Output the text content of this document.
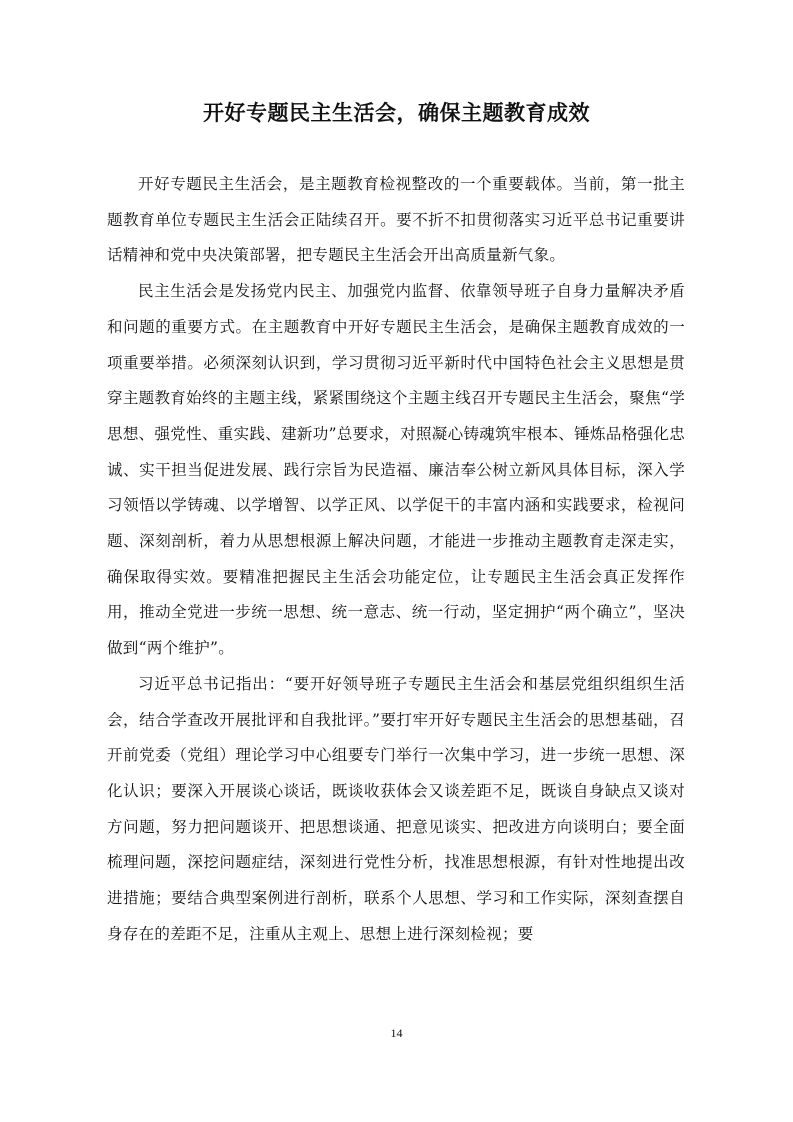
开好专题民主生活会，确保主题教育成效

开好专题民主生活会，是主题教育检视整改的一个重要载体。当前，第一批主题教育单位专题民主生活会正陆续召开。要不折不扣贯彻落实习近平总书记重要讲话精神和党中央决策部署，把专题民主生活会开出高质量新气象。

民主生活会是发扬党内民主、加强党内监督、依靠领导班子自身力量解决矛盾和问题的重要方式。在主题教育中开好专题民主生活会，是确保主题教育成效的一项重要举措。必须深刻认识到，学习贯彻习近平新时代中国特色社会主义思想是贯穿主题教育始终的主题主线，紧紧围绕这个主题主线召开专题民主生活会，聚焦“学思想、强党性、重实践、建新功”总要求，对照凝心铸魂筑牢根本、锤炼品格强化忠诚、实干担当促进发展、践行宗旨为民造福、廉洁奉公树立新风具体目标，深入学习领悟以学铸魂、以学增智、以学正风、以学促干的丰富内涵和实践要求，检视问题、深刻剖析，着力从思想根源上解决问题，才能进一步推动主题教育走深走实，确保取得实效。要精准把握民主生活会功能定位，让专题民主生活会真正发挥作用，推动全党进一步统一思想、统一意志、统一行动，坚定拥护“两个确立”，坚决做到“两个维护”。

习近平总书记指出：“要开好领导班子专题民主生活会和基层党组织组织生活会，结合学查改开展批评和自我批评。”要打牢开好专题民主生活会的思想基础，召开前党委（党组）理论学习中心组要专门举行一次集中学习，进一步统一思想、深化认识；要深入开展谈心谈话，既谈收获体会又谈差距不足，既谈自身缺点又谈对方问题，努力把问题谈开、把思想谈通、把意见谈实、把改进方向谈明白；要全面梳理问题，深挖问题症结，深刻进行党性分析，找准思想根源，有针对性地提出改进措施；要结合典型案例进行剖析，联系个人思想、学习和工作实际，深刻查摆自身存在的差距不足，注重从主观上、思想上进行深刻检视；要

14
